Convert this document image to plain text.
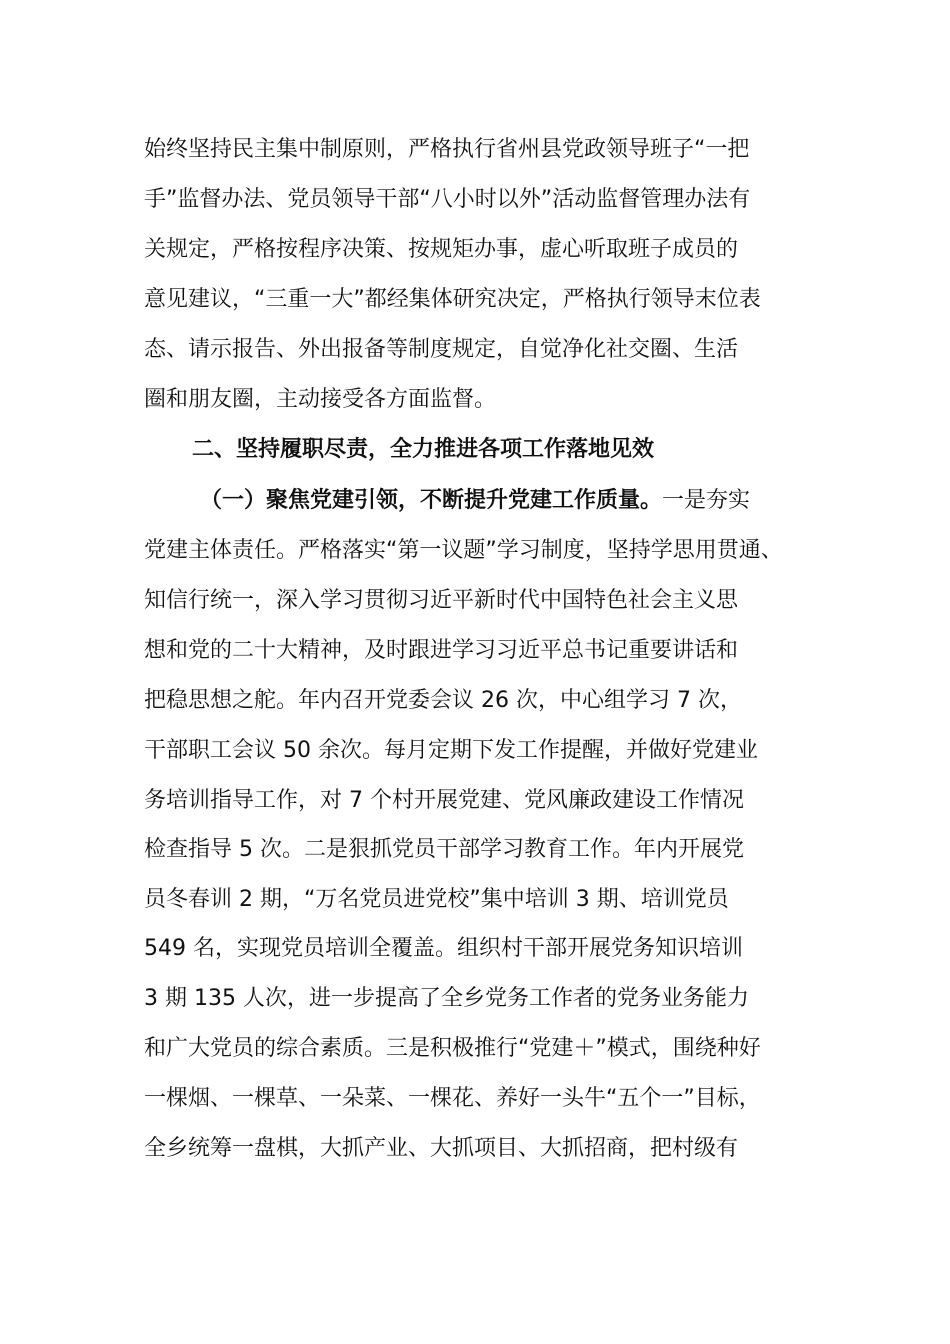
始终坚持民主集中制原则，严格执行省州县党政领导班子“一把
手”监督办法、党员领导干部“八小时以外”活动监督管理办法有
关规定，严格按程序决策、按规矩办事，虚心听取班子成员的
意见建议，“三重一大”都经集体研究决定，严格执行领导末位表
态、请示报告、外出报备等制度规定，自觉净化社交圈、生活
圈和朋友圈，主动接受各方面监督。
二、坚持履职尽责，全力推进各项工作落地见效
（一）聚焦党建引领，不断提升党建工作质量。一是夯实
党建主体责任。严格落实“第一议题”学习制度，坚持学思用贯通、
知信行统一，深入学习贯彻习近平新时代中国特色社会主义思
想和党的二十大精神，及时跟进学习习近平总书记重要讲话和
把稳思想之舵。年内召开党委会议 26 次，中心组学习 7 次，
干部职工会议 50 余次。每月定期下发工作提醒，并做好党建业
务培训指导工作，对 7 个村开展党建、党风廉政建设工作情况
检查指导 5 次。二是狠抓党员干部学习教育工作。年内开展党
员冬春训 2 期，“万名党员进党校”集中培训 3 期、培训党员
549 名，实现党员培训全覆盖。组织村干部开展党务知识培训
3 期 135 人次，进一步提高了全乡党务工作者的党务业务能力
和广大党员的综合素质。三是积极推行“党建＋”模式，围绕种好
一棵烟、一棵草、一朵菜、一棵花、养好一头牛“五个一”目标，
全乡统筹一盘棋，大抓产业、大抓项目、大抓招商，把村级有
